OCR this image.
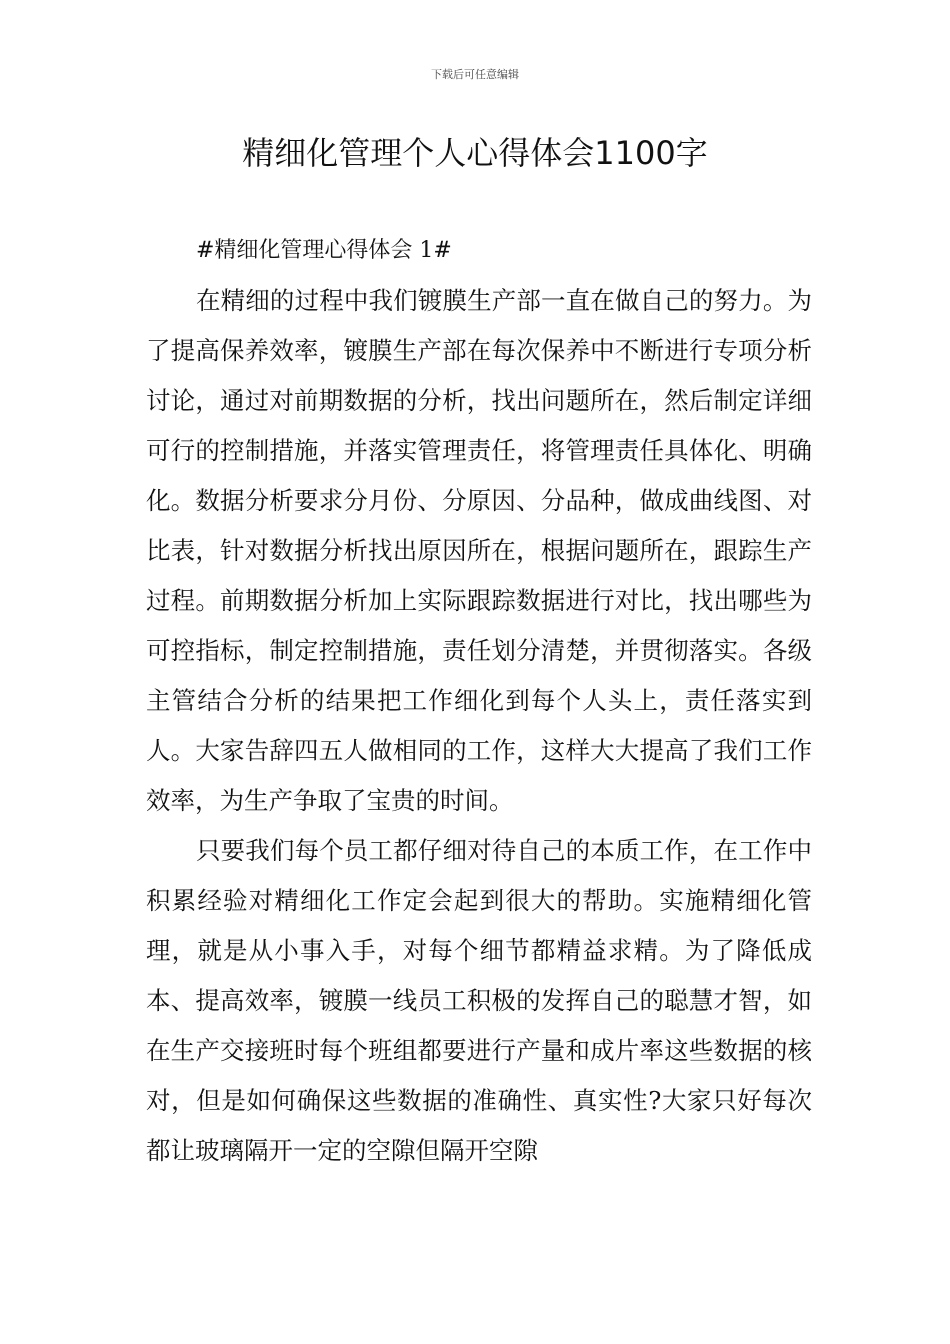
下载后可任意编辑
精细化管理个人心得体会1100字

#精细化管理心得体会 1#

在精细的过程中我们镀膜生产部一直在做自己的努力。为了提高保养效率，镀膜生产部在每次保养中不断进行专项分析讨论，通过对前期数据的分析，找出问题所在，然后制定详细可行的控制措施，并落实管理责任，将管理责任具体化、明确化。数据分析要求分月份、分原因、分品种，做成曲线图、对比表，针对数据分析找出原因所在，根据问题所在，跟踪生产过程。前期数据分析加上实际跟踪数据进行对比，找出哪些为可控指标，制定控制措施，责任划分清楚，并贯彻落实。各级主管结合分析的结果把工作细化到每个人头上，责任落实到人。大家告辞四五人做相同的工作，这样大大提高了我们工作效率，为生产争取了宝贵的时间。

只要我们每个员工都仔细对待自己的本质工作，在工作中积累经验对精细化工作定会起到很大的帮助。实施精细化管理，就是从小事入手，对每个细节都精益求精。为了降低成本、提高效率，镀膜一线员工积极的发挥自己的聪慧才智，如在生产交接班时每个班组都要进行产量和成片率这些数据的核对，但是如何确保这些数据的准确性、真实性?大家只好每次都让玻璃隔开一定的空隙但隔开空隙
